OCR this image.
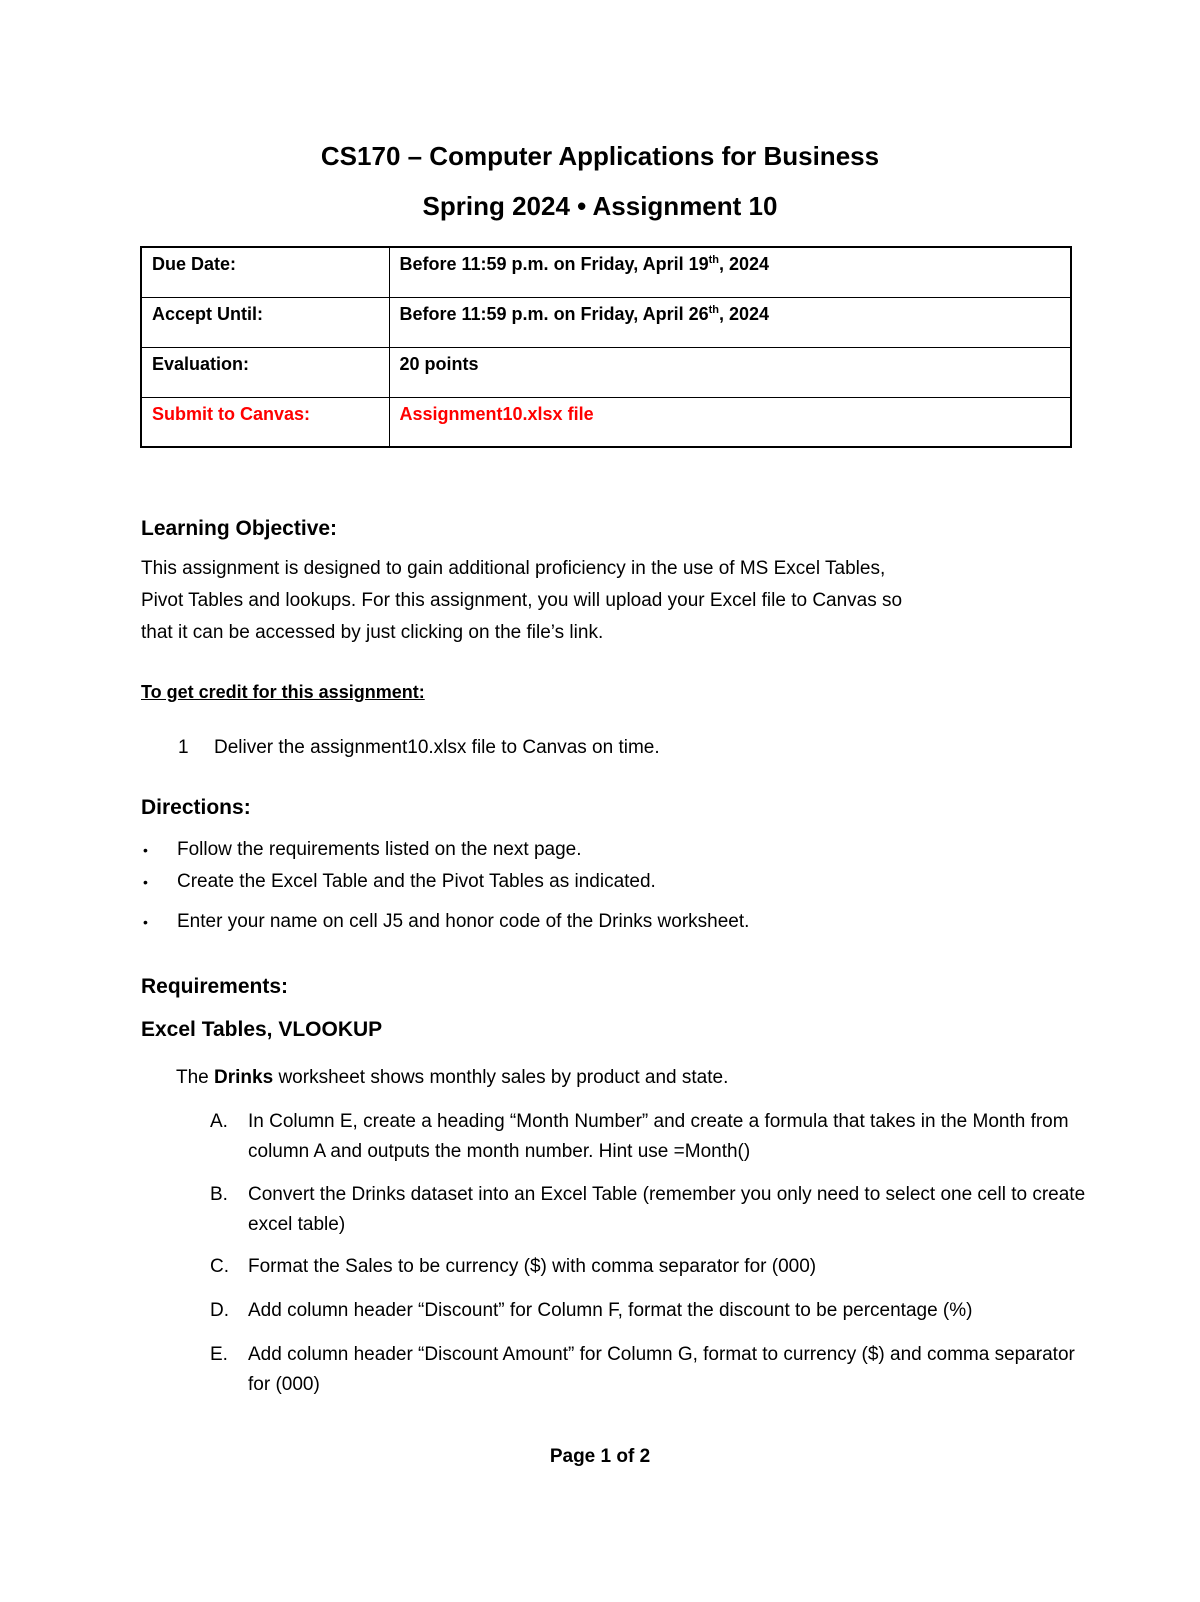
CS170 – Computer Applications for Business
Spring 2024 • Assignment 10
Due Date:	Before 11:59 p.m. on Friday, April 19th, 2024
Accept Until:	Before 11:59 p.m. on Friday, April 26th, 2024
Evaluation:	20 points
Submit to Canvas:	Assignment10.xlsx file
Learning Objective:
This assignment is designed to gain additional proficiency in the use of MS Excel Tables,
Pivot Tables and lookups. For this assignment, you will upload your Excel file to Canvas so
that it can be accessed by just clicking on the file’s link.
To get credit for this assignment:
1 Deliver the assignment10.xlsx file to Canvas on time.
Directions:
• Follow the requirements listed on the next page.
• Create the Excel Table and the Pivot Tables as indicated.
• Enter your name on cell J5 and honor code of the Drinks worksheet.
Requirements:
Excel Tables, VLOOKUP
The Drinks worksheet shows monthly sales by product and state.
A. In Column E, create a heading “Month Number” and create a formula that takes in the Month from column A and outputs the month number. Hint use =Month()
B. Convert the Drinks dataset into an Excel Table (remember you only need to select one cell to create excel table)
C. Format the Sales to be currency ($) with comma separator for (000)
D. Add column header “Discount” for Column F, format the discount to be percentage (%)
E. Add column header “Discount Amount” for Column G, format to currency ($) and comma separator for (000)
Page 1 of 2
